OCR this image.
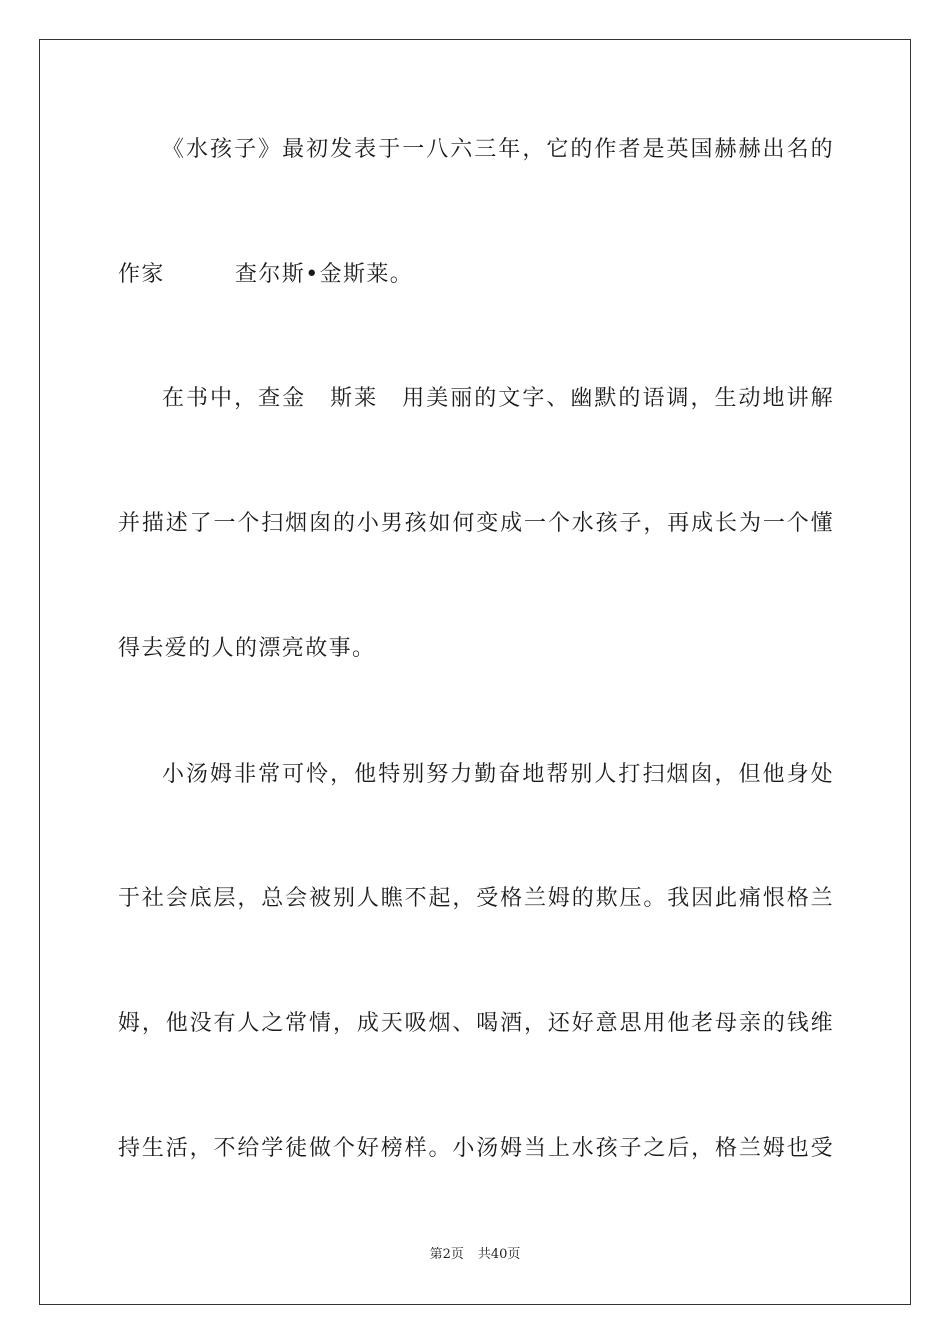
《水孩子》最初发表于一八六三年，它的作者是英国赫赫出名的
作家　　　查尔斯•金斯莱。
在书中，查金　斯莱　用美丽的文字、幽默的语调，生动地讲解
并描述了一个扫烟囱的小男孩如何变成一个水孩子，再成长为一个懂
得去爱的人的漂亮故事。
小汤姆非常可怜，他特别努力勤奋地帮别人打扫烟囱，但他身处
于社会底层，总会被别人瞧不起，受格兰姆的欺压。我因此痛恨格兰
姆，他没有人之常情，成天吸烟、喝酒，还好意思用他老母亲的钱维
持生活，不给学徒做个好榜样。小汤姆当上水孩子之后，格兰姆也受
第2页 共40页
